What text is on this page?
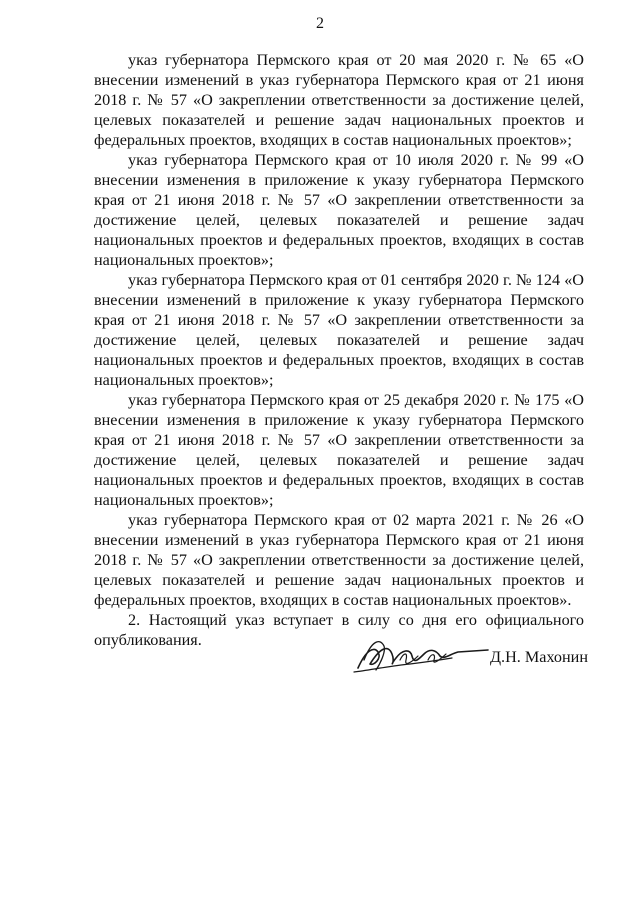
2

указ губернатора Пермского края от 20 мая 2020 г. № 65 «О внесении изменений в указ губернатора Пермского края от 21 июня 2018 г. № 57 «О закреплении ответственности за достижение целей, целевых показателей и решение задач национальных проектов и федеральных проектов, входящих в состав национальных проектов»;

указ губернатора Пермского края от 10 июля 2020 г. № 99 «О внесении изменения в приложение к указу губернатора Пермского края от 21 июня 2018 г. № 57 «О закреплении ответственности за достижение целей, целевых показателей и решение задач национальных проектов и федеральных проектов, входящих в состав национальных проектов»;

указ губернатора Пермского края от 01 сентября 2020 г. № 124 «О внесении изменений в приложение к указу губернатора Пермского края от 21 июня 2018 г. № 57 «О закреплении ответственности за достижение целей, целевых показателей и решение задач национальных проектов и федеральных проектов, входящих в состав национальных проектов»;

указ губернатора Пермского края от 25 декабря 2020 г. № 175 «О внесении изменения в приложение к указу губернатора Пермского края от 21 июня 2018 г. № 57 «О закреплении ответственности за достижение целей, целевых показателей и решение задач национальных проектов и федеральных проектов, входящих в состав национальных проектов»;

указ губернатора Пермского края от 02 марта 2021 г. № 26 «О внесении изменений в указ губернатора Пермского края от 21 июня 2018 г. № 57 «О закреплении ответственности за достижение целей, целевых показателей и решение задач национальных проектов и федеральных проектов, входящих в состав национальных проектов».

2. Настоящий указ вступает в силу со дня его официального опубликования.

Д.Н. Махонин
